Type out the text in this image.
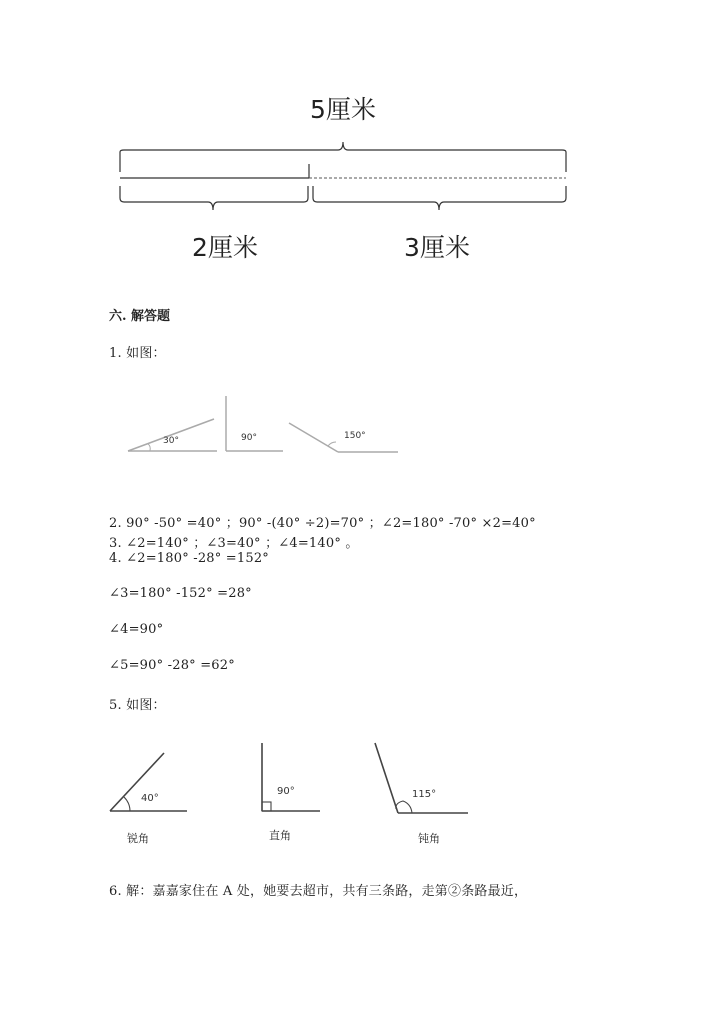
5厘米
2厘米	3厘米
六. 解答题
1. 如图：
30°	90°	150°
2. 90° -50° =40° ；90° -(40° ÷2)=70° ；∠2=180° -70° ×2=40°
3. ∠2=140° ；∠3=40° ；∠4=140° 。
4. ∠2=180° -28° =152°
∠3=180° -152° =28°
∠4=90°
∠5=90° -28° =62°
5. 如图：
40°
锐角
90°
直角
115°
钝角
6. 解：嘉嘉家住在 A 处，她要去超市，共有三条路，走第②条路最近，
